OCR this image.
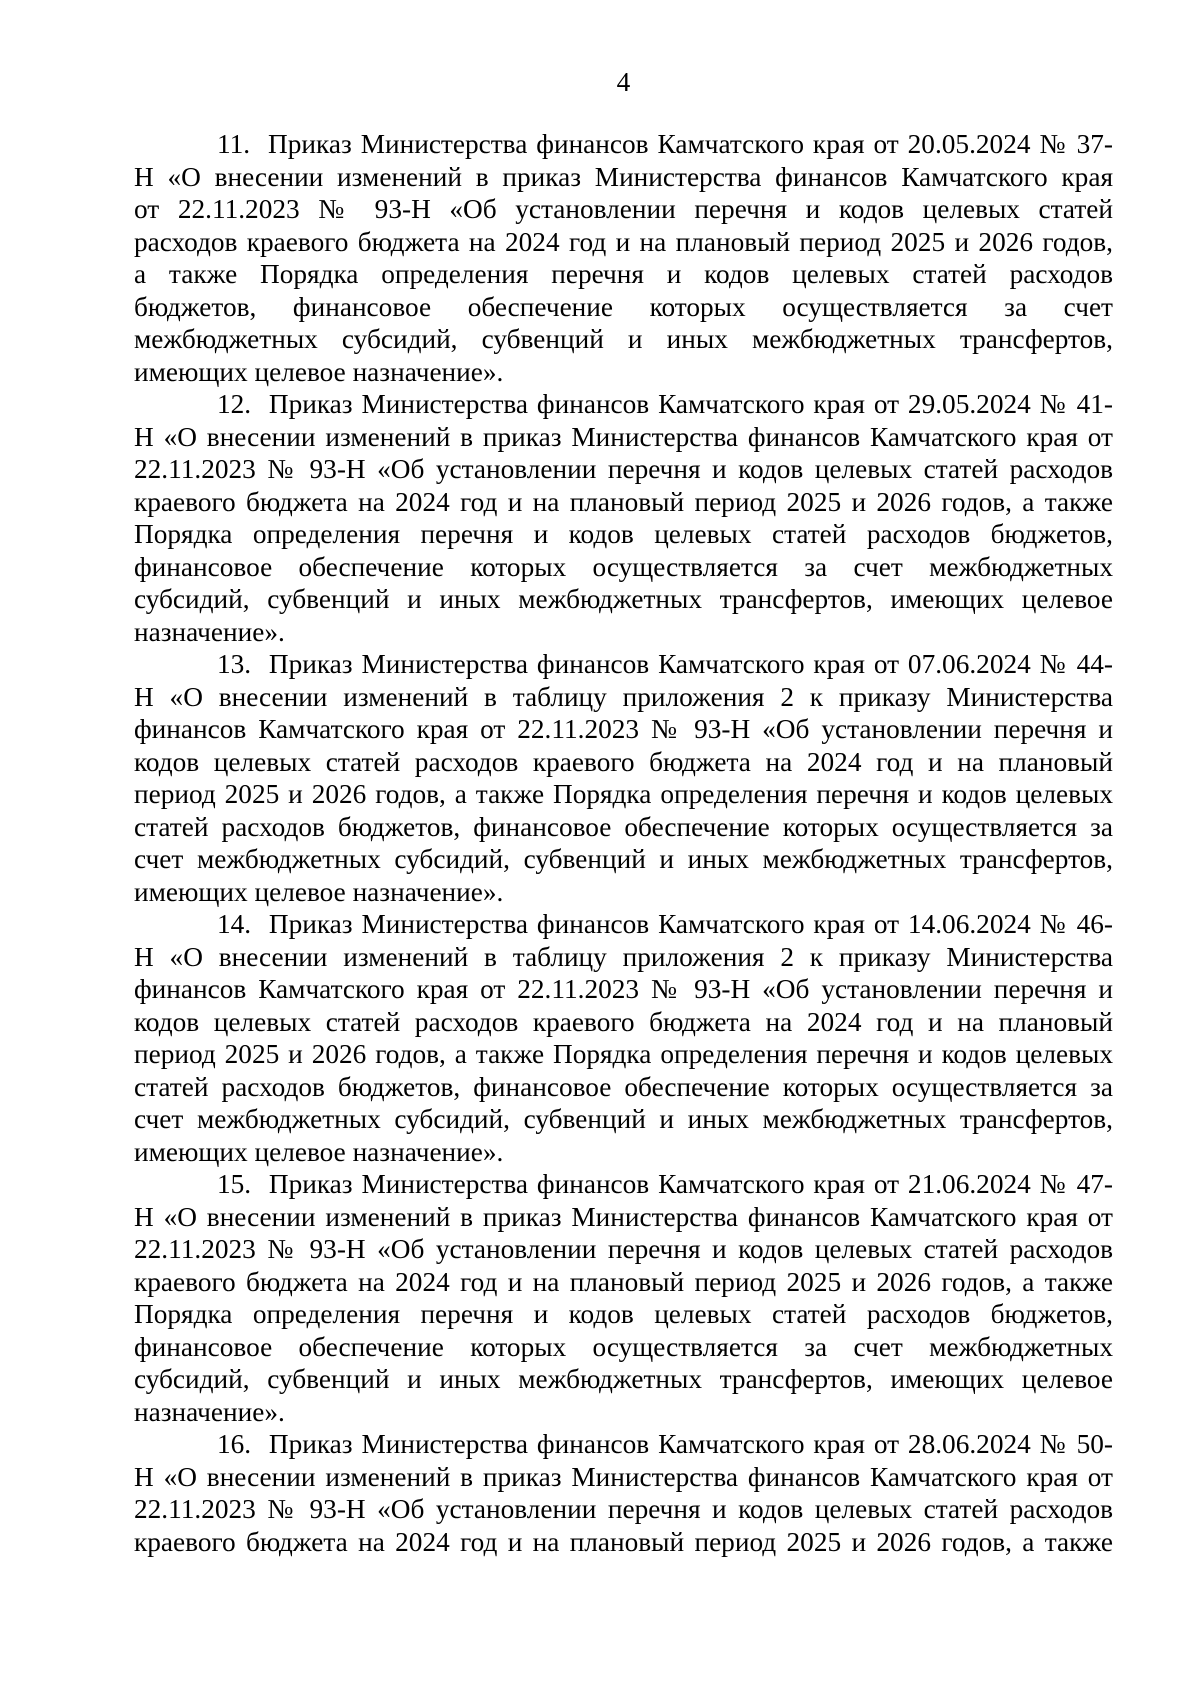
4
11.  Приказ Министерства финансов Камчатского края от 20.05.2024 № 37-
Н «О внесении изменений в приказ Министерства финансов Камчатского края
от 22.11.2023 № 93-Н «Об установлении перечня и кодов целевых статей
расходов краевого бюджета на 2024 год и на плановый период 2025 и 2026 годов,
а также Порядка определения перечня и кодов целевых статей расходов
бюджетов, финансовое обеспечение которых осуществляется за счет
межбюджетных субсидий, субвенций и иных межбюджетных трансфертов,
имеющих целевое назначение».
12.  Приказ Министерства финансов Камчатского края от 29.05.2024 № 41-
Н «О внесении изменений в приказ Министерства финансов Камчатского края от
22.11.2023 № 93-Н «Об установлении перечня и кодов целевых статей расходов
краевого бюджета на 2024 год и на плановый период 2025 и 2026 годов, а также
Порядка определения перечня и кодов целевых статей расходов бюджетов,
финансовое обеспечение которых осуществляется за счет межбюджетных
субсидий, субвенций и иных межбюджетных трансфертов, имеющих целевое
назначение».
13.  Приказ Министерства финансов Камчатского края от 07.06.2024 № 44-
Н «О внесении изменений в таблицу приложения 2 к приказу Министерства
финансов Камчатского края от 22.11.2023 № 93-Н «Об установлении перечня и
кодов целевых статей расходов краевого бюджета на 2024 год и на плановый
период 2025 и 2026 годов, а также Порядка определения перечня и кодов целевых
статей расходов бюджетов, финансовое обеспечение которых осуществляется за
счет межбюджетных субсидий, субвенций и иных межбюджетных трансфертов,
имеющих целевое назначение».
14.  Приказ Министерства финансов Камчатского края от 14.06.2024 № 46-
Н «О внесении изменений в таблицу приложения 2 к приказу Министерства
финансов Камчатского края от 22.11.2023 № 93-Н «Об установлении перечня и
кодов целевых статей расходов краевого бюджета на 2024 год и на плановый
период 2025 и 2026 годов, а также Порядка определения перечня и кодов целевых
статей расходов бюджетов, финансовое обеспечение которых осуществляется за
счет межбюджетных субсидий, субвенций и иных межбюджетных трансфертов,
имеющих целевое назначение».
15.  Приказ Министерства финансов Камчатского края от 21.06.2024 № 47-
Н «О внесении изменений в приказ Министерства финансов Камчатского края от
22.11.2023 № 93-Н «Об установлении перечня и кодов целевых статей расходов
краевого бюджета на 2024 год и на плановый период 2025 и 2026 годов, а также
Порядка определения перечня и кодов целевых статей расходов бюджетов,
финансовое обеспечение которых осуществляется за счет межбюджетных
субсидий, субвенций и иных межбюджетных трансфертов, имеющих целевое
назначение».
16.  Приказ Министерства финансов Камчатского края от 28.06.2024 № 50-
Н «О внесении изменений в приказ Министерства финансов Камчатского края от
22.11.2023 № 93-Н «Об установлении перечня и кодов целевых статей расходов
краевого бюджета на 2024 год и на плановый период 2025 и 2026 годов, а также
